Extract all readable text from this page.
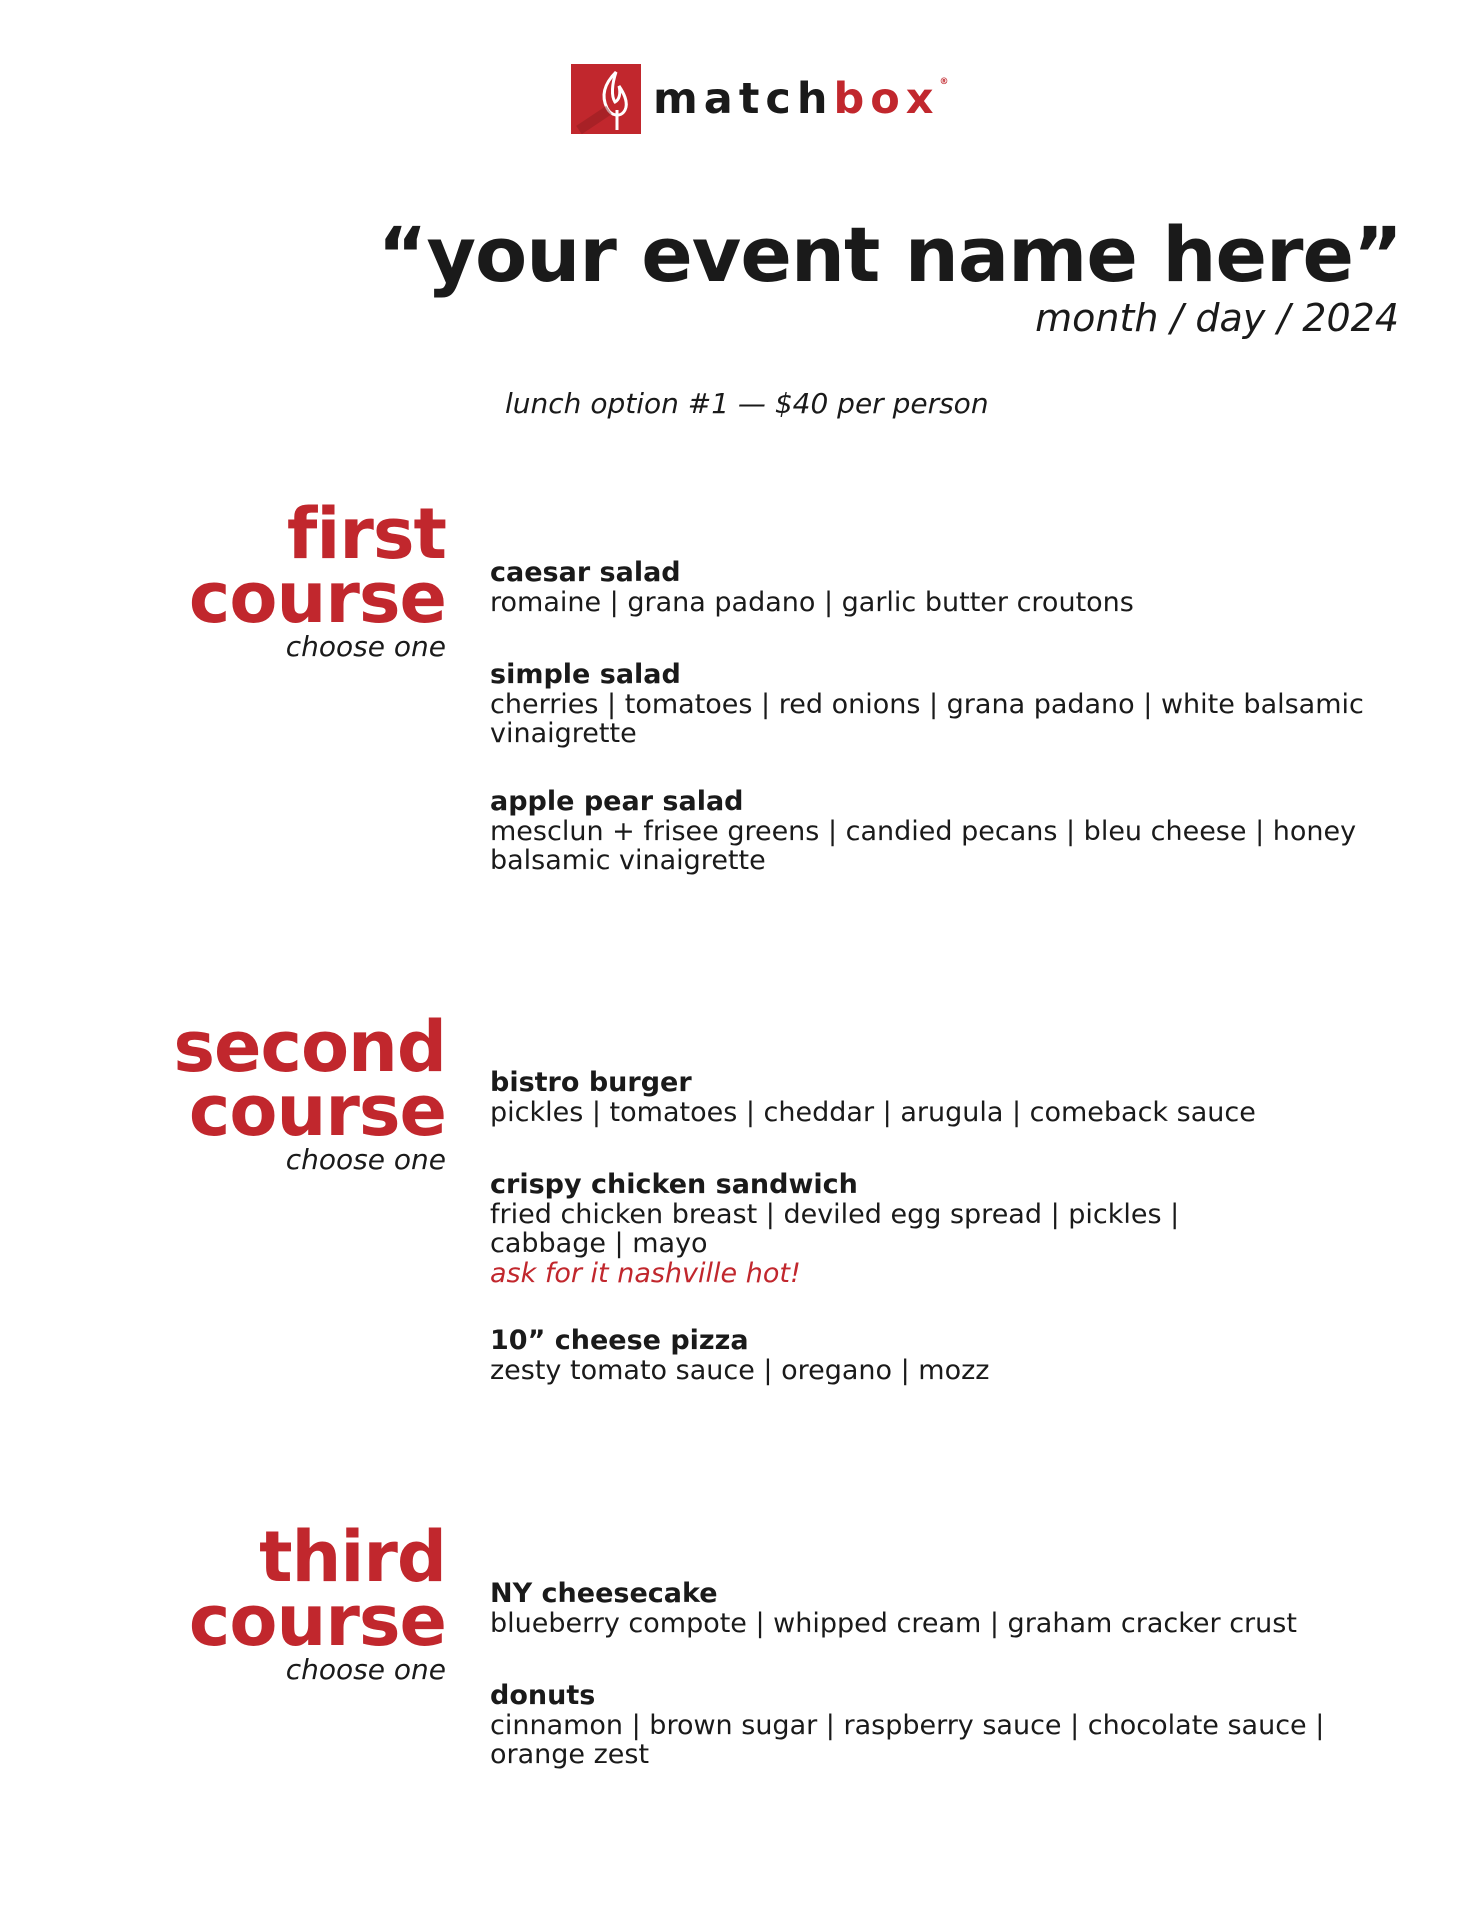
matchbox®
“your event name here”
month / day / 2024
lunch option #1 — $40 per person
first
course
choose one
caesar salad
romaine | grana padano | garlic butter croutons
simple salad
cherries | tomatoes | red onions | grana padano | white balsamic vinaigrette
apple pear salad
mesclun + frisee greens | candied pecans | bleu cheese | honey balsamic vinaigrette
second
course
choose one
bistro burger
pickles | tomatoes | cheddar | arugula | comeback sauce
crispy chicken sandwich
fried chicken breast | deviled egg spread | pickles | cabbage | mayo
ask for it nashville hot!
10” cheese pizza
zesty tomato sauce | oregano | mozz
third
course
choose one
NY cheesecake
blueberry compote | whipped cream | graham cracker crust
donuts
cinnamon | brown sugar | raspberry sauce | chocolate sauce | orange zest
